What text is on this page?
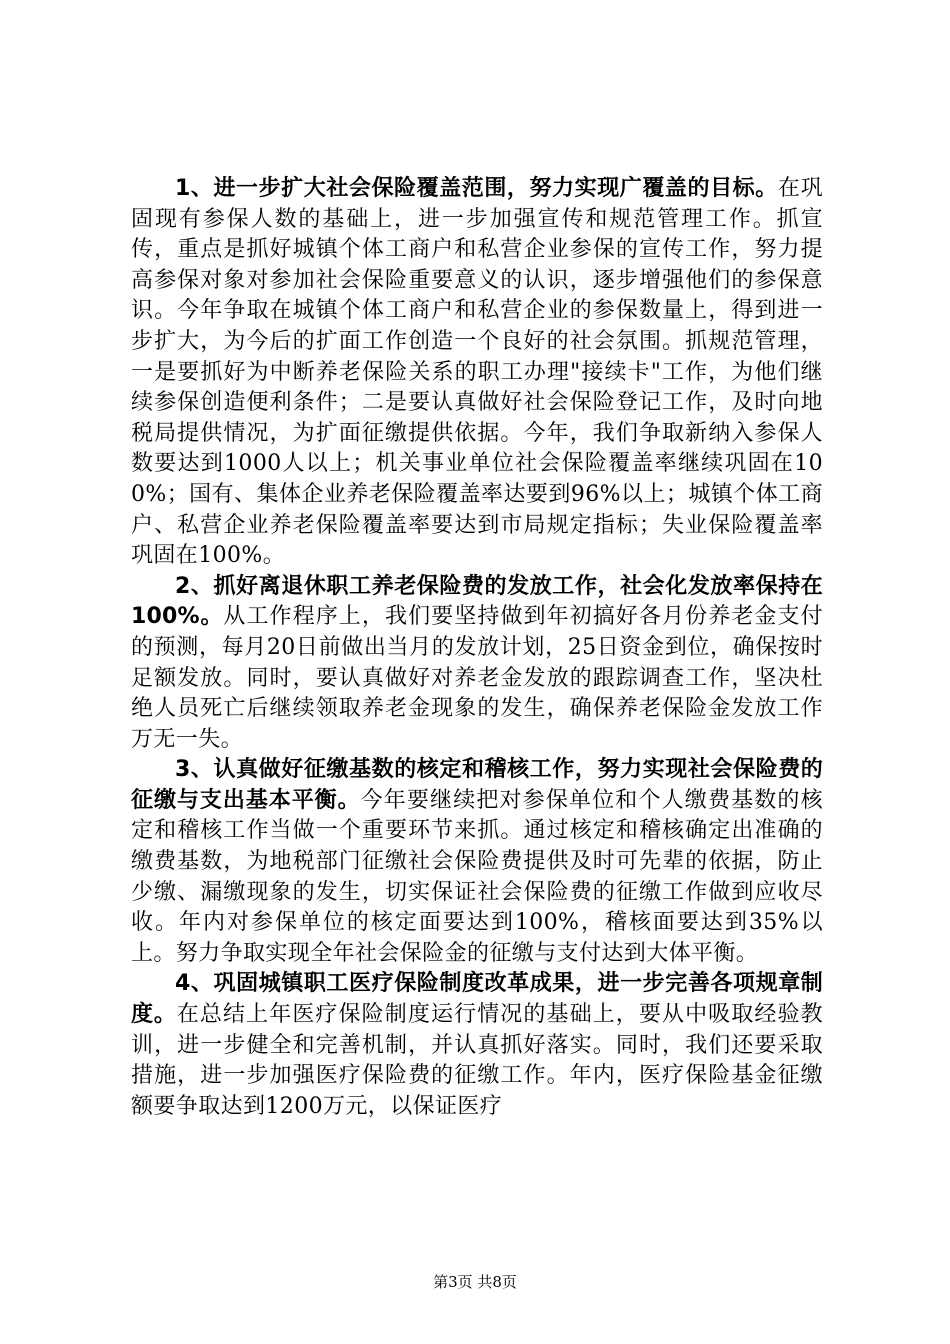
1、进一步扩大社会保险覆盖范围，努力实现广覆盖的目标。在巩固现有参保人数的基础上，进一步加强宣传和规范管理工作。抓宣传，重点是抓好城镇个体工商户和私营企业参保的宣传工作，努力提高参保对象对参加社会保险重要意义的认识，逐步增强他们的参保意识。今年争取在城镇个体工商户和私营企业的参保数量上，得到进一步扩大，为今后的扩面工作创造一个良好的社会氛围。抓规范管理，一是要抓好为中断养老保险关系的职工办理"接续卡"工作，为他们继续参保创造便利条件；二是要认真做好社会保险登记工作，及时向地税局提供情况，为扩面征缴提供依据。今年，我们争取新纳入参保人数要达到1000人以上；机关事业单位社会保险覆盖率继续巩固在100%；国有、集体企业养老保险覆盖率达要到96%以上；城镇个体工商户、私营企业养老保险覆盖率要达到市局规定指标；失业保险覆盖率巩固在100%。

2、抓好离退休职工养老保险费的发放工作，社会化发放率保持在100%。从工作程序上，我们要坚持做到年初搞好各月份养老金支付的预测，每月20日前做出当月的发放计划，25日资金到位，确保按时足额发放。同时，要认真做好对养老金发放的跟踪调查工作，坚决杜绝人员死亡后继续领取养老金现象的发生，确保养老保险金发放工作万无一失。

3、认真做好征缴基数的核定和稽核工作，努力实现社会保险费的征缴与支出基本平衡。今年要继续把对参保单位和个人缴费基数的核定和稽核工作当做一个重要环节来抓。通过核定和稽核确定出准确的缴费基数，为地税部门征缴社会保险费提供及时可先辈的依据，防止少缴、漏缴现象的发生，切实保证社会保险费的征缴工作做到应收尽收。年内对参保单位的核定面要达到100%，稽核面要达到35%以上。努力争取实现全年社会保险金的征缴与支付达到大体平衡。

4、巩固城镇职工医疗保险制度改革成果，进一步完善各项规章制度。在总结上年医疗保险制度运行情况的基础上，要从中吸取经验教训，进一步健全和完善机制，并认真抓好落实。同时，我们还要采取措施，进一步加强医疗保险费的征缴工作。年内，医疗保险基金征缴额要争取达到1200万元，以保证医疗

第3页 共8页
